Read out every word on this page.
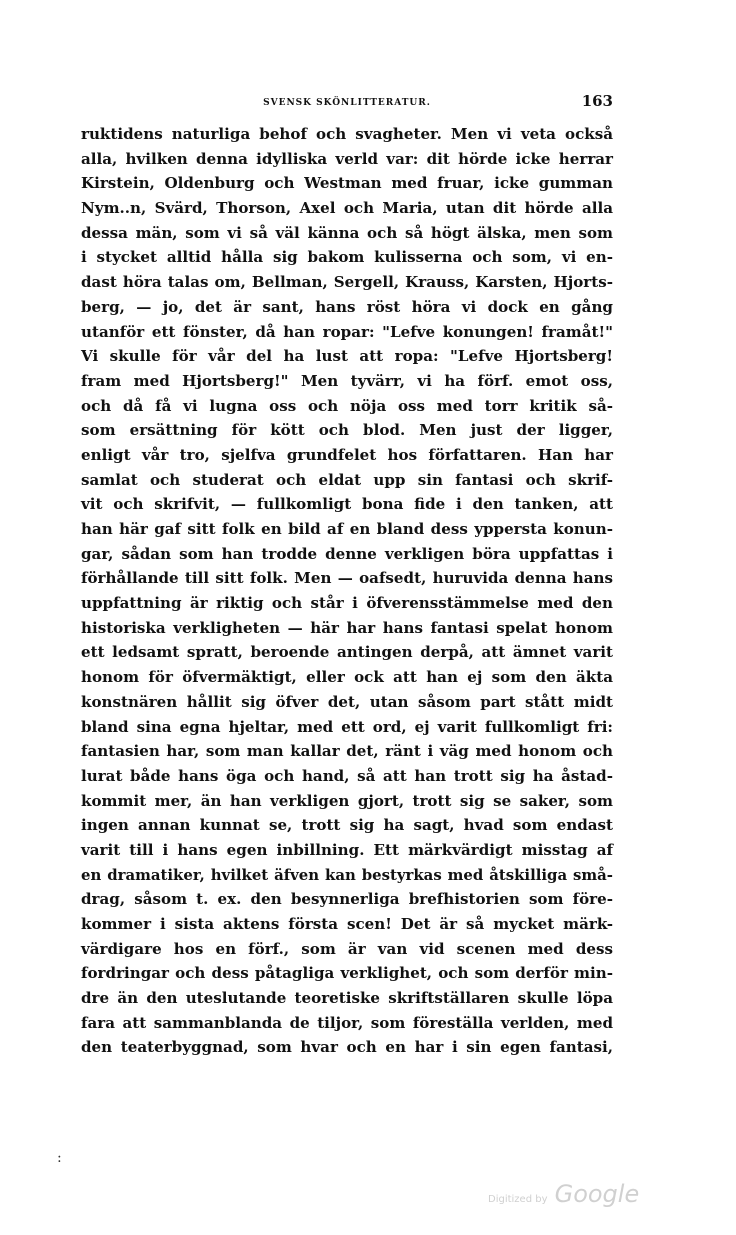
SVENSK SKÖNLITTERATUR.	163
ruktidens naturliga behof och svagheter. Men vi veta också
alla, hvilken denna idylliska verld var: dit hörde icke herrar
Kirstein, Oldenburg och Westman med fruar, icke gumman
Nym..n, Svärd, Thorson, Axel och Maria, utan dit hörde alla
dessa män, som vi så väl känna och så högt älska, men som
i stycket alltid hålla sig bakom kulisserna och som, vi en-
dast höra talas om, Bellman, Sergell, Krauss, Karsten, Hjorts-
berg, — jo, det är sant, hans röst höra vi dock en gång
utanför ett fönster, då han ropar: "Lefve konungen! framåt!"
Vi skulle för vår del ha lust att ropa: "Lefve Hjortsberg!
fram med Hjortsberg!" Men tyvärr, vi ha förf. emot oss,
och då få vi lugna oss och nöja oss med torr kritik så-
som ersättning för kött och blod. Men just der ligger,
enligt vår tro, sjelfva grundfelet hos författaren. Han har
samlat och studerat och eldat upp sin fantasi och skrif-
vit och skrifvit, — fullkomligt bona fide i den tanken, att
han här gaf sitt folk en bild af en bland dess yppersta konun-
gar, sådan som han trodde denne verkligen böra uppfattas i
förhållande till sitt folk. Men — oafsedt, huruvida denna hans
uppfattning är riktig och står i öfverensstämmelse med den
historiska verkligheten — här har hans fantasi spelat honom
ett ledsamt spratt, beroende antingen derpå, att ämnet varit
honom för öfvermäktigt, eller ock att han ej som den äkta
konstnären hållit sig öfver det, utan såsom part stått midt
bland sina egna hjeltar, med ett ord, ej varit fullkomligt fri:
fantasien har, som man kallar det, ränt i väg med honom och
lurat både hans öga och hand, så att han trott sig ha åstad-
kommit mer, än han verkligen gjort, trott sig se saker, som
ingen annan kunnat se, trott sig ha sagt, hvad som endast
varit till i hans egen inbillning. Ett märkvärdigt misstag af
en dramatiker, hvilket äfven kan bestyrkas med åtskilliga små-
drag, såsom t. ex. den besynnerliga brefhistorien som före-
kommer i sista aktens första scen! Det är så mycket märk-
värdigare hos en förf., som är van vid scenen med dess
fordringar och dess påtagliga verklighet, och som derför min-
dre än den uteslutande teoretiske skriftställaren skulle löpa
fara att sammanblanda de tiljor, som föreställa verlden, med
den teaterbyggnad, som hvar och en har i sin egen fantasi,
:
Digitized by Google
